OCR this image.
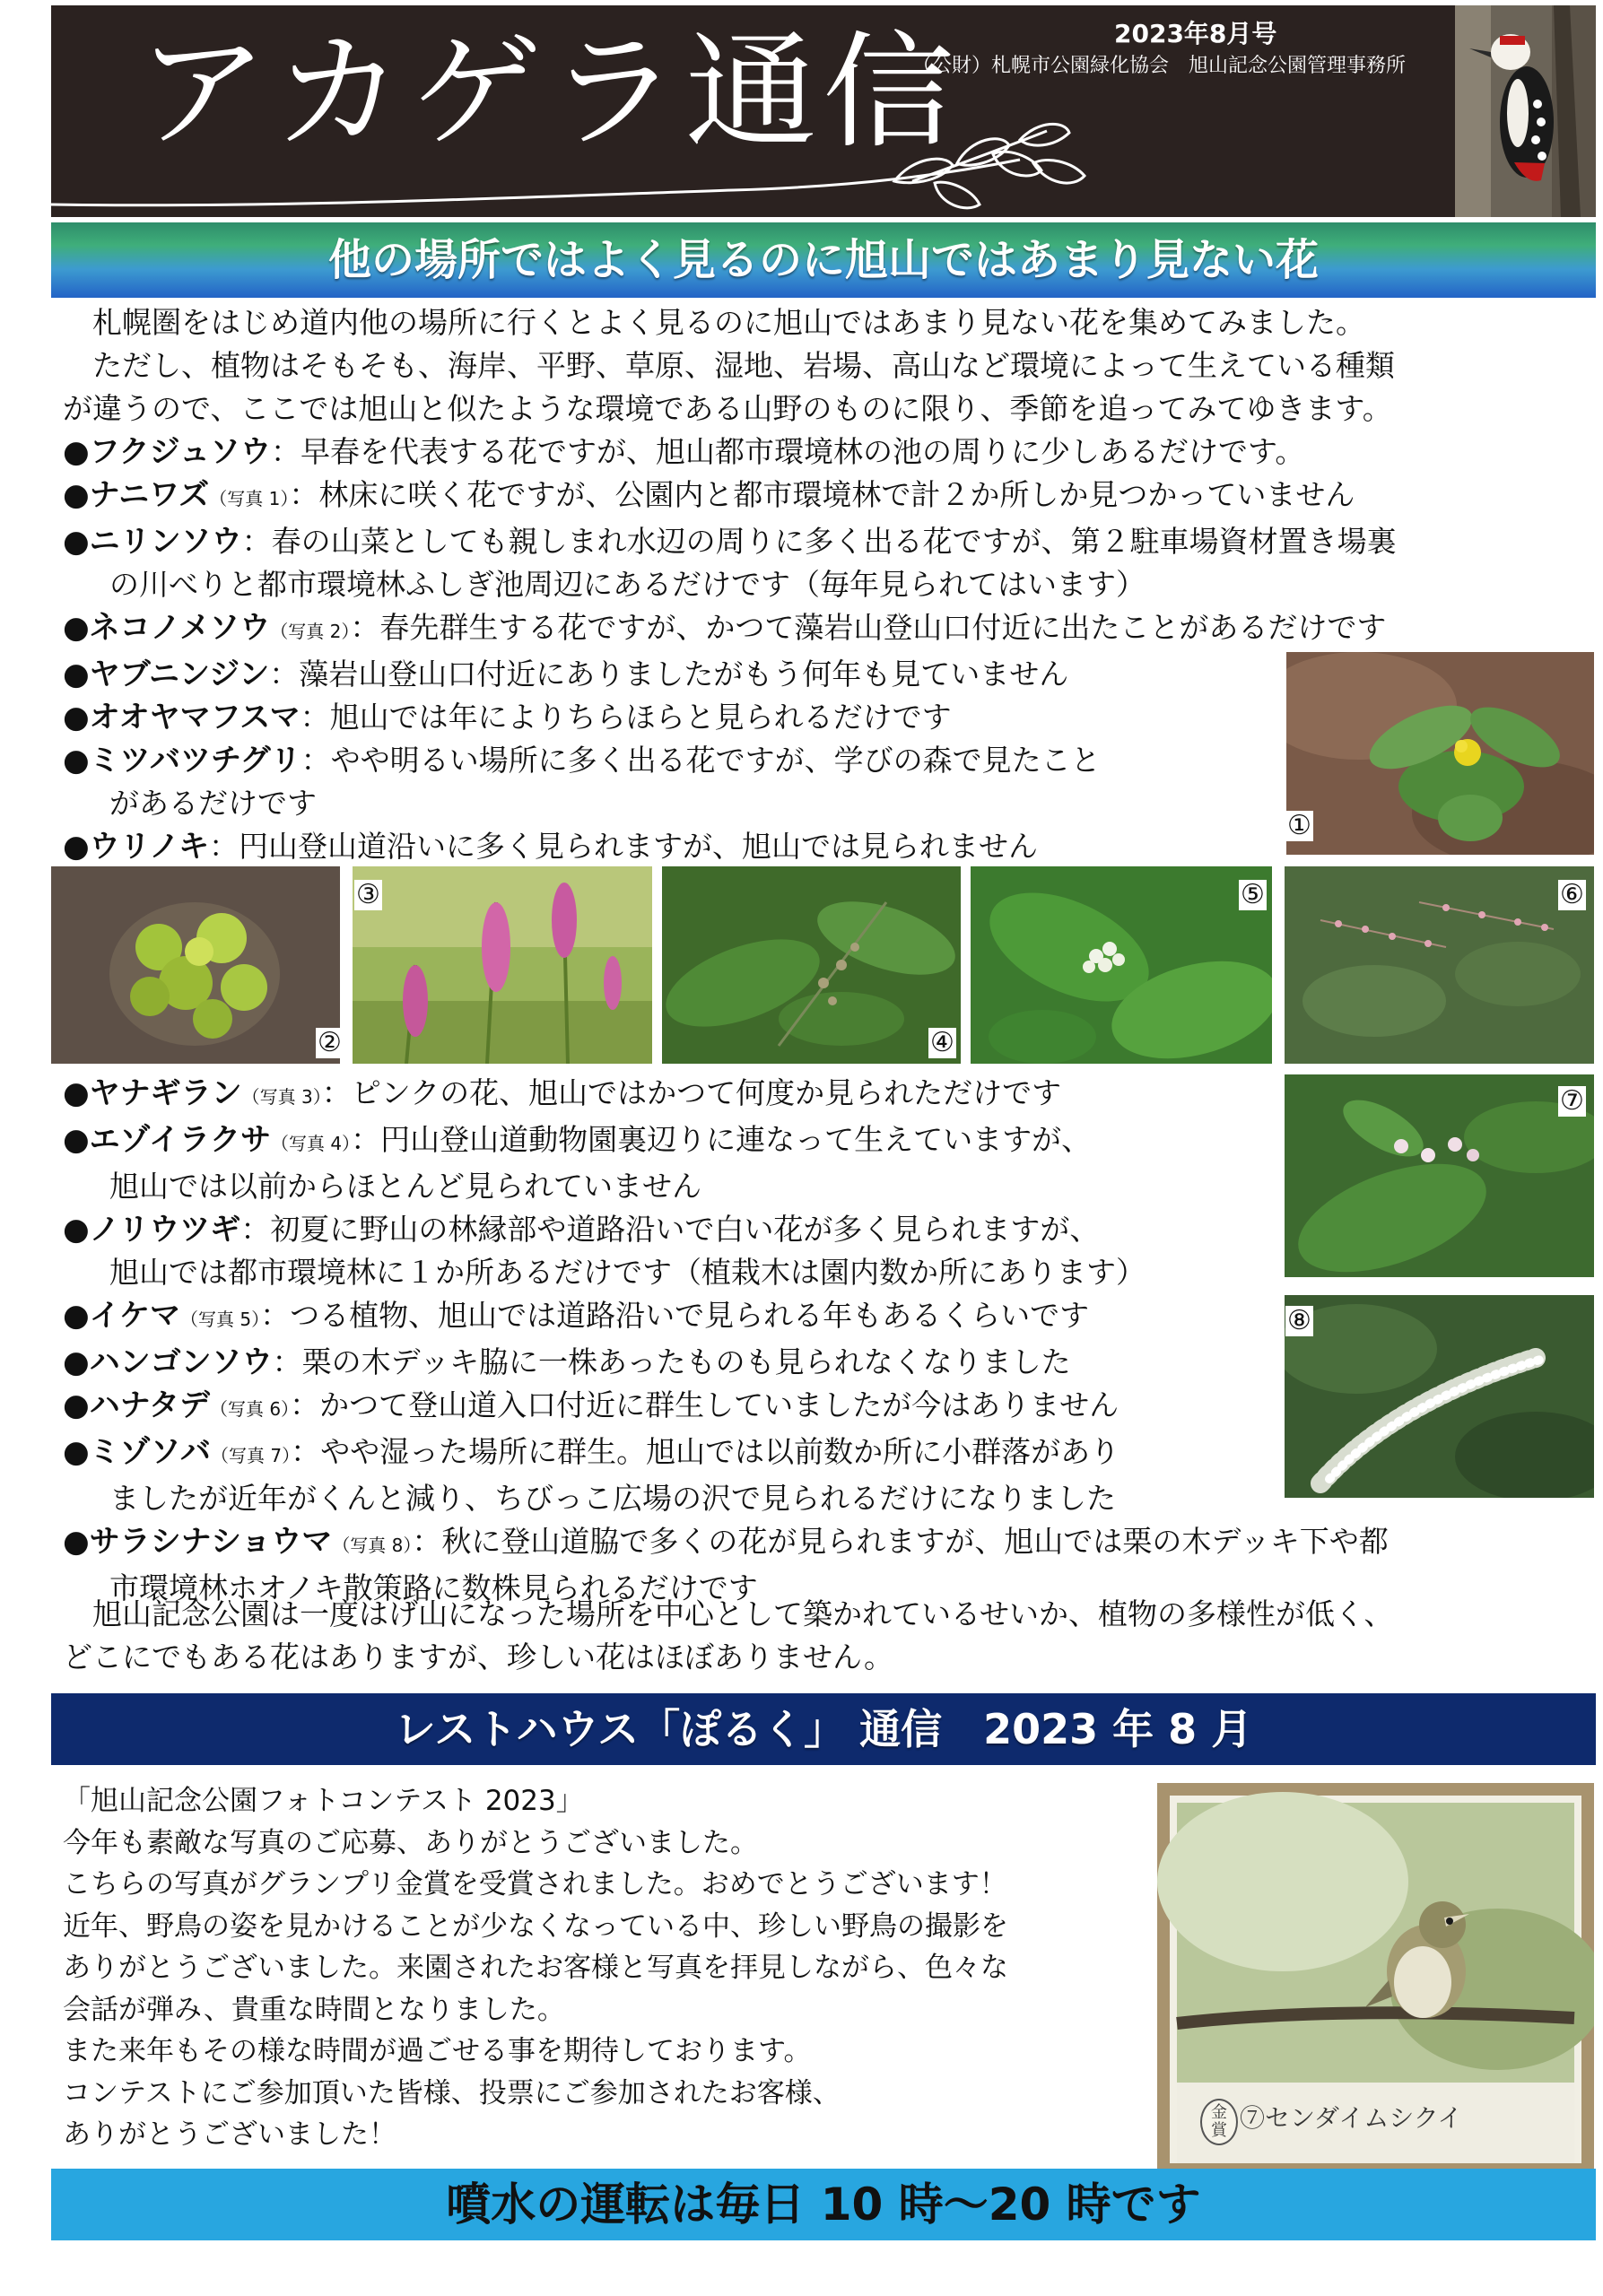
アカゲラ通信	2023年8月号
（公財）札幌市公園緑化協会　旭山記念公園管理事務所
他の場所ではよく見るのに旭山ではあまり見ない花
　札幌圏をはじめ道内他の場所に行くとよく見るのに旭山ではあまり見ない花を集めてみました。
　ただし、植物はそもそも、海岸、平野、草原、湿地、岩場、高山など環境によって生えている種類
が違うので、ここでは旭山と似たような環境である山野のものに限り、季節を追ってみてゆきます。
●フクジュソウ：早春を代表する花ですが、旭山都市環境林の池の周りに少しあるだけです。
●ナニワズ（写真 1）：林床に咲く花ですが、公園内と都市環境林で計２か所しか見つかっていません
●ニリンソウ：春の山菜としても親しまれ水辺の周りに多く出る花ですが、第２駐車場資材置き場裏
の川べりと都市環境林ふしぎ池周辺にあるだけです（毎年見られてはいます）
●ネコノメソウ（写真 2）：春先群生する花ですが、かつて藻岩山登山口付近に出たことがあるだけです
●ヤブニンジン：藻岩山登山口付近にありましたがもう何年も見ていません
●オオヤマフスマ：旭山では年によりちらほらと見られるだけです
●ミツバツチグリ：やや明るい場所に多く出る花ですが、学びの森で見たこと
があるだけです
●ウリノキ：円山登山道沿いに多く見られますが、旭山では見られません
①
②
③
④
⑤	⑥
●ヤナギラン（写真 3）：ピンクの花、旭山ではかつて何度か見られただけです
●エゾイラクサ（写真 4）：円山登山道動物園裏辺りに連なって生えていますが、
旭山では以前からほとんど見られていません
●ノリウツギ：初夏に野山の林縁部や道路沿いで白い花が多く見られますが、
旭山では都市環境林に１か所あるだけです（植栽木は園内数か所にあります）
●イケマ（写真 5）：つる植物、旭山では道路沿いで見られる年もあるくらいです
●ハンゴンソウ：栗の木デッキ脇に一株あったものも見られなくなりました
●ハナタデ（写真 6）：かつて登山道入口付近に群生していましたが今はありません
●ミゾソバ（写真 7）：やや湿った場所に群生。旭山では以前数か所に小群落があり
ましたが近年がくんと減り、ちびっこ広場の沢で見られるだけになりました
●サラシナショウマ（写真 8）：秋に登山道脇で多くの花が見られますが、旭山では栗の木デッキ下や都
市環境林ホオノキ散策路に数株見られるだけです
⑦
⑧
　旭山記念公園は一度はげ山になった場所を中心として築かれているせいか、植物の多様性が低く、
どこにでもある花はありますが、珍しい花はほぼありません。
レストハウス「ぽるく」 通信　2023 年 8 月
「旭山記念公園フォトコンテスト 2023」
今年も素敵な写真のご応募、ありがとうございました。
こちらの写真がグランプリ金賞を受賞されました。おめでとうございます！
近年、野鳥の姿を見かけることが少なくなっている中、珍しい野鳥の撮影を
ありがとうございました。来園されたお客様と写真を拝見しながら、色々な
会話が弾み、貴重な時間となりました。
また来年もその様な時間が過ごせる事を期待しております。
コンテストにご参加頂いた皆様、投票にご参加されたお客様、
ありがとうございました！
金賞 ⑦センダイムシクイ
噴水の運転は毎日 10 時～20 時です
